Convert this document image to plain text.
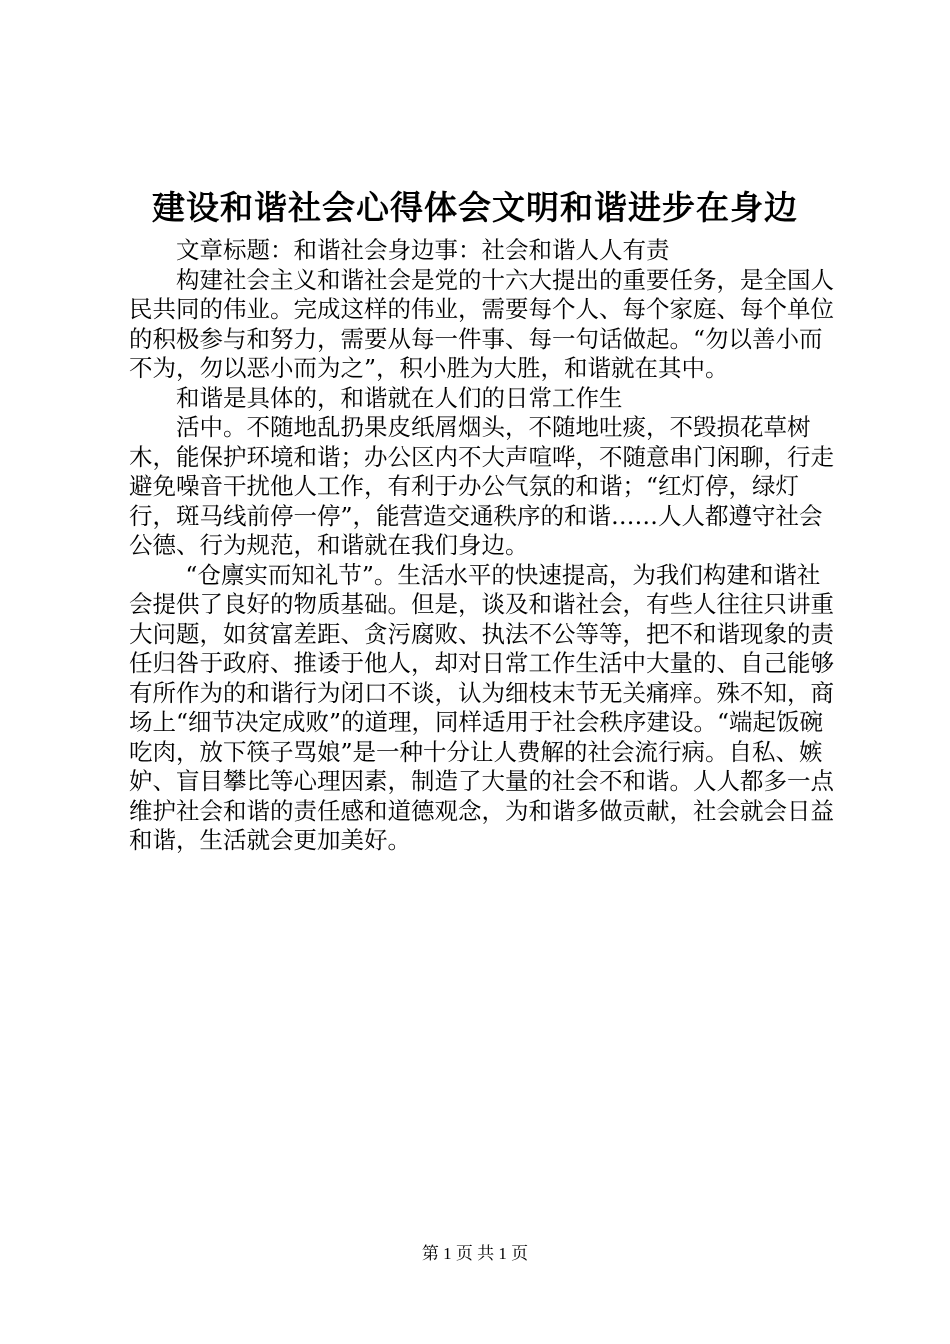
建设和谐社会心得体会文明和谐进步在身边

文章标题：和谐社会身边事：社会和谐人人有责

构建社会主义和谐社会是党的十六大提出的重要任务，是全国人民共同的伟业。完成这样的伟业，需要每个人、每个家庭、每个单位的积极参与和努力，需要从每一件事、每一句话做起。“勿以善小而不为，勿以恶小而为之”，积小胜为大胜，和谐就在其中。

和谐是具体的，和谐就在人们的日常工作生

活中。不随地乱扔果皮纸屑烟头，不随地吐痰，不毁损花草树木，能保护环境和谐；办公区内不大声喧哗，不随意串门闲聊，行走避免噪音干扰他人工作，有利于办公气氛的和谐；“红灯停，绿灯行，斑马线前停一停”，能营造交通秩序的和谐……人人都遵守社会公德、行为规范，和谐就在我们身边。

“仓廪实而知礼节”。生活水平的快速提高，为我们构建和谐社会提供了良好的物质基础。但是，谈及和谐社会，有些人往往只讲重大问题，如贫富差距、贪污腐败、执法不公等等，把不和谐现象的责任归咎于政府、推诿于他人，却对日常工作生活中大量的、自己能够有所作为的和谐行为闭口不谈，认为细枝末节无关痛痒。殊不知，商场上“细节决定成败”的道理，同样适用于社会秩序建设。“端起饭碗吃肉，放下筷子骂娘”是一种十分让人费解的社会流行病。自私、嫉妒、盲目攀比等心理因素，制造了大量的社会不和谐。人人都多一点维护社会和谐的责任感和道德观念，为和谐多做贡献，社会就会日益和谐，生活就会更加美好。

第 1 页 共 1 页
